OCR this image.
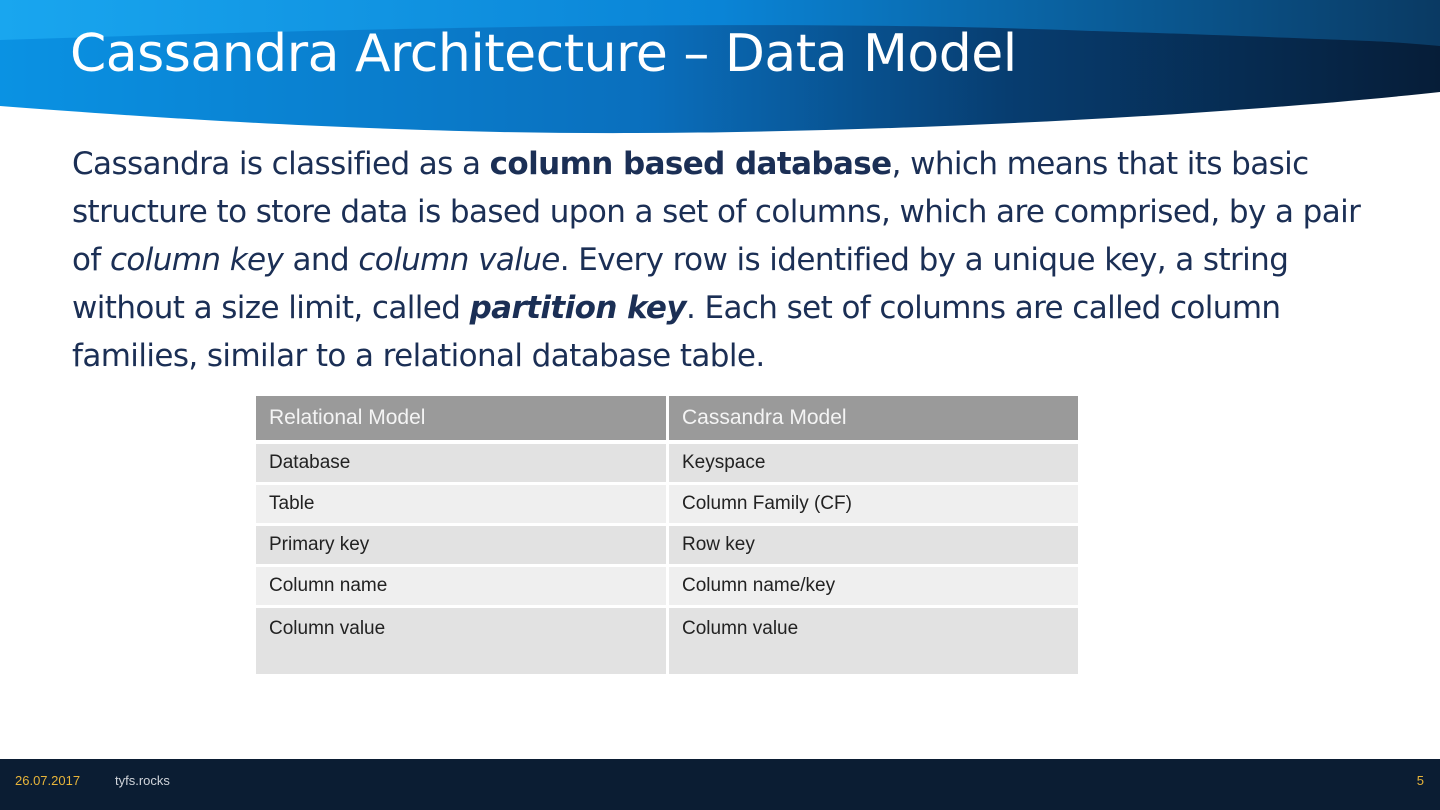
Cassandra Architecture – Data Model

Cassandra is classified as a column based database, which means that its basic structure to store data is based upon a set of columns, which are comprised, by a pair of column key and column value. Every row is identified by a unique key, a string without a size limit, called partition key. Each set of columns are called column families, similar to a relational database table.

Relational Model	Cassandra Model
Database	Keyspace
Table	Column Family (CF)
Primary key	Row key
Column name	Column name/key
Column value	Column value
26.07.2017	tyfs.rocks	5
